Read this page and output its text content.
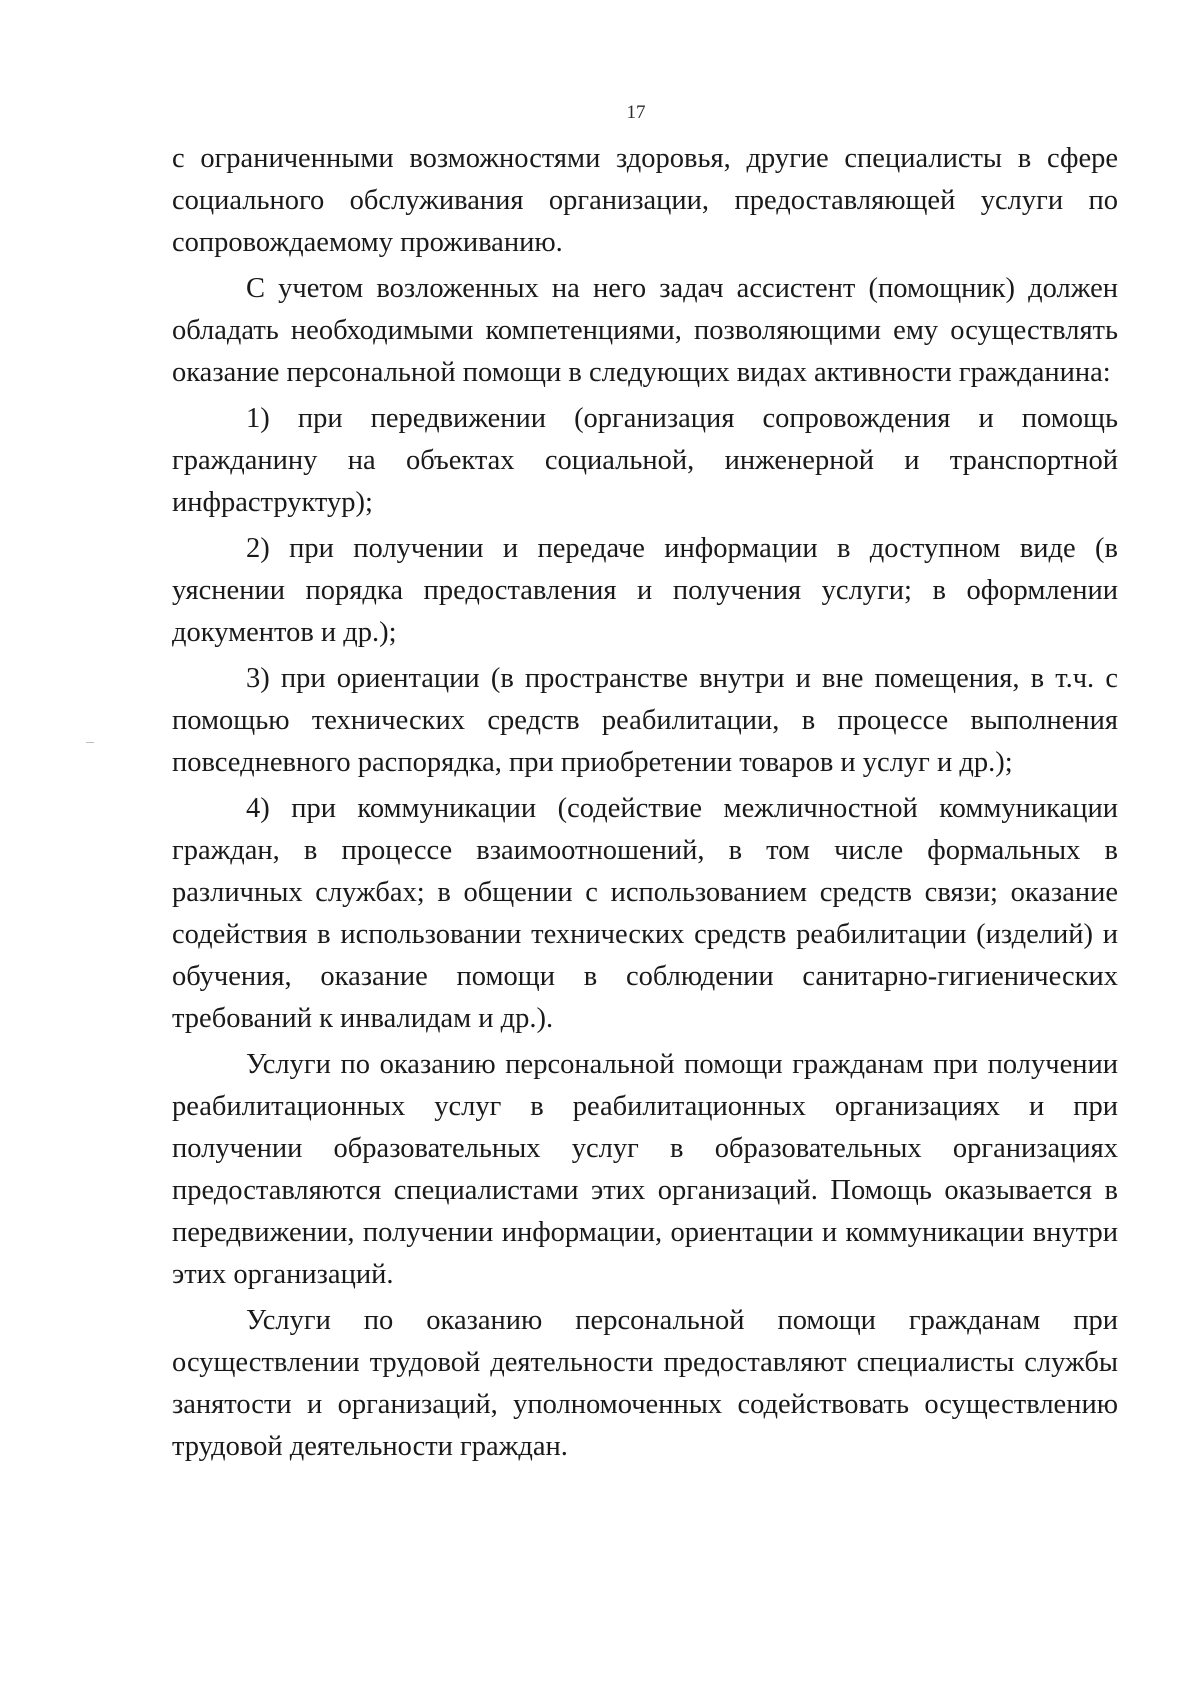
17

с ограниченными возможностями здоровья, другие специалисты в сфере социального обслуживания организации, предоставляющей услуги по сопровождаемому проживанию.

С учетом возложенных на него задач ассистент (помощник) должен обладать необходимыми компетенциями, позволяющими ему осуществлять оказание персональной помощи в следующих видах активности гражданина:

1) при передвижении (организация сопровождения и помощь гражданину на объектах социальной, инженерной и транспортной инфраструктур);

2) при получении и передаче информации в доступном виде (в уяснении порядка предоставления и получения услуги; в оформлении документов и др.);

3) при ориентации (в пространстве внутри и вне помещения, в т.ч. с помощью технических средств реабилитации, в процессе выполнения повседневного распорядка, при приобретении товаров и услуг и др.);

4) при коммуникации (содействие межличностной коммуникации граждан, в процессе взаимоотношений, в том числе формальных в различных службах; в общении с использованием средств связи; оказание содействия в использовании технических средств реабилитации (изделий) и обучения, оказание помощи в соблюдении санитарно-гигиенических требований к инвалидам и др.).

Услуги по оказанию персональной помощи гражданам при получении реабилитационных услуг в реабилитационных организациях и при получении образовательных услуг в образовательных организациях предоставляются специалистами этих организаций. Помощь оказывается в передвижении, получении информации, ориентации и коммуникации внутри этих организаций.

Услуги по оказанию персональной помощи гражданам при осуществлении трудовой деятельности предоставляют специалисты службы занятости и организаций, уполномоченных содействовать осуществлению трудовой деятельности граждан.
